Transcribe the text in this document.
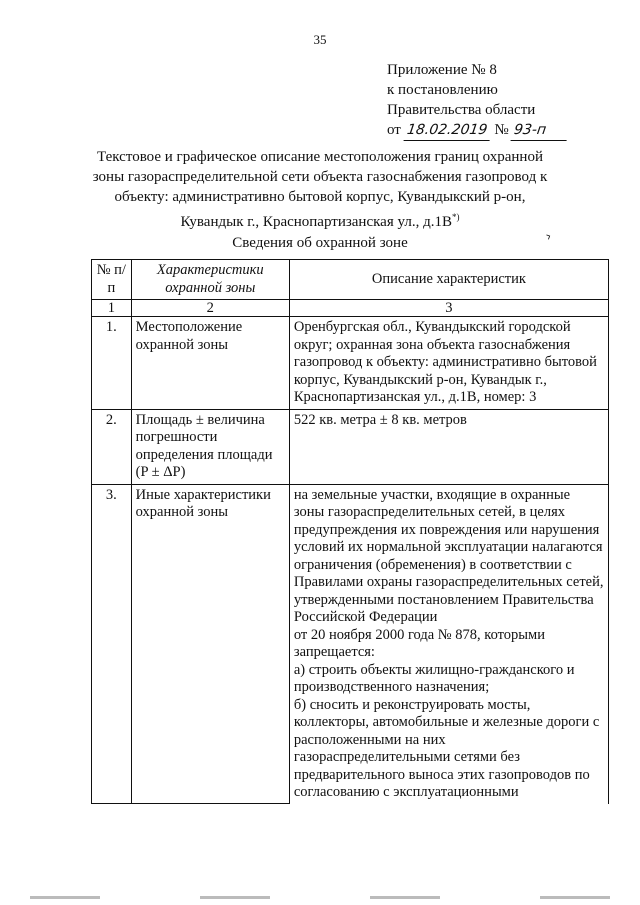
35
Приложение № 8
к постановлению
Правительства области
от 18.02.2019 № 93-п
Текстовое и графическое описание местоположения границ охранной зоны газораспределительной сети объекта газоснабжения газопровод к объекту: административно бытовой корпус, Кувандыкский р-он, Кувандык г., Краснопартизанская ул., д.1В*)
Сведения об охранной зоне	⌝
№ п/п	Характеристики охранной зоны	Описание характеристик
1	2	3
1.	Местоположение охранной зоны	Оренбургская обл., Кувандыкский городской округ; охранная зона объекта газоснабжения газопровод к объекту: административно бытовой корпус, Кувандыкский р-он, Кувандык г., Краснопартизанская ул., д.1В, номер: 3
2.	Площадь ± величина погрешности определения площади (P ± ΔP)	522 кв. метра ± 8 кв. метров
3.	Иные характеристики охранной зоны	на земельные участки, входящие в охранные зоны газораспределительных сетей, в целях предупреждения их повреждения или нарушения условий их нормальной эксплуатации налагаются ограничения (обременения) в соответствии с Правилами охраны газораспределительных сетей, утвержденными постановлением Правительства Российской Федерации
от 20 ноября 2000 года № 878, которыми запрещается:
а) строить объекты жилищно-гражданского и производственного назначения;
б) сносить и реконструировать мосты, коллекторы, автомобильные и железные дороги с расположенными на них газораспределительными сетями без предварительного выноса этих газопроводов по согласованию с эксплуатационными
